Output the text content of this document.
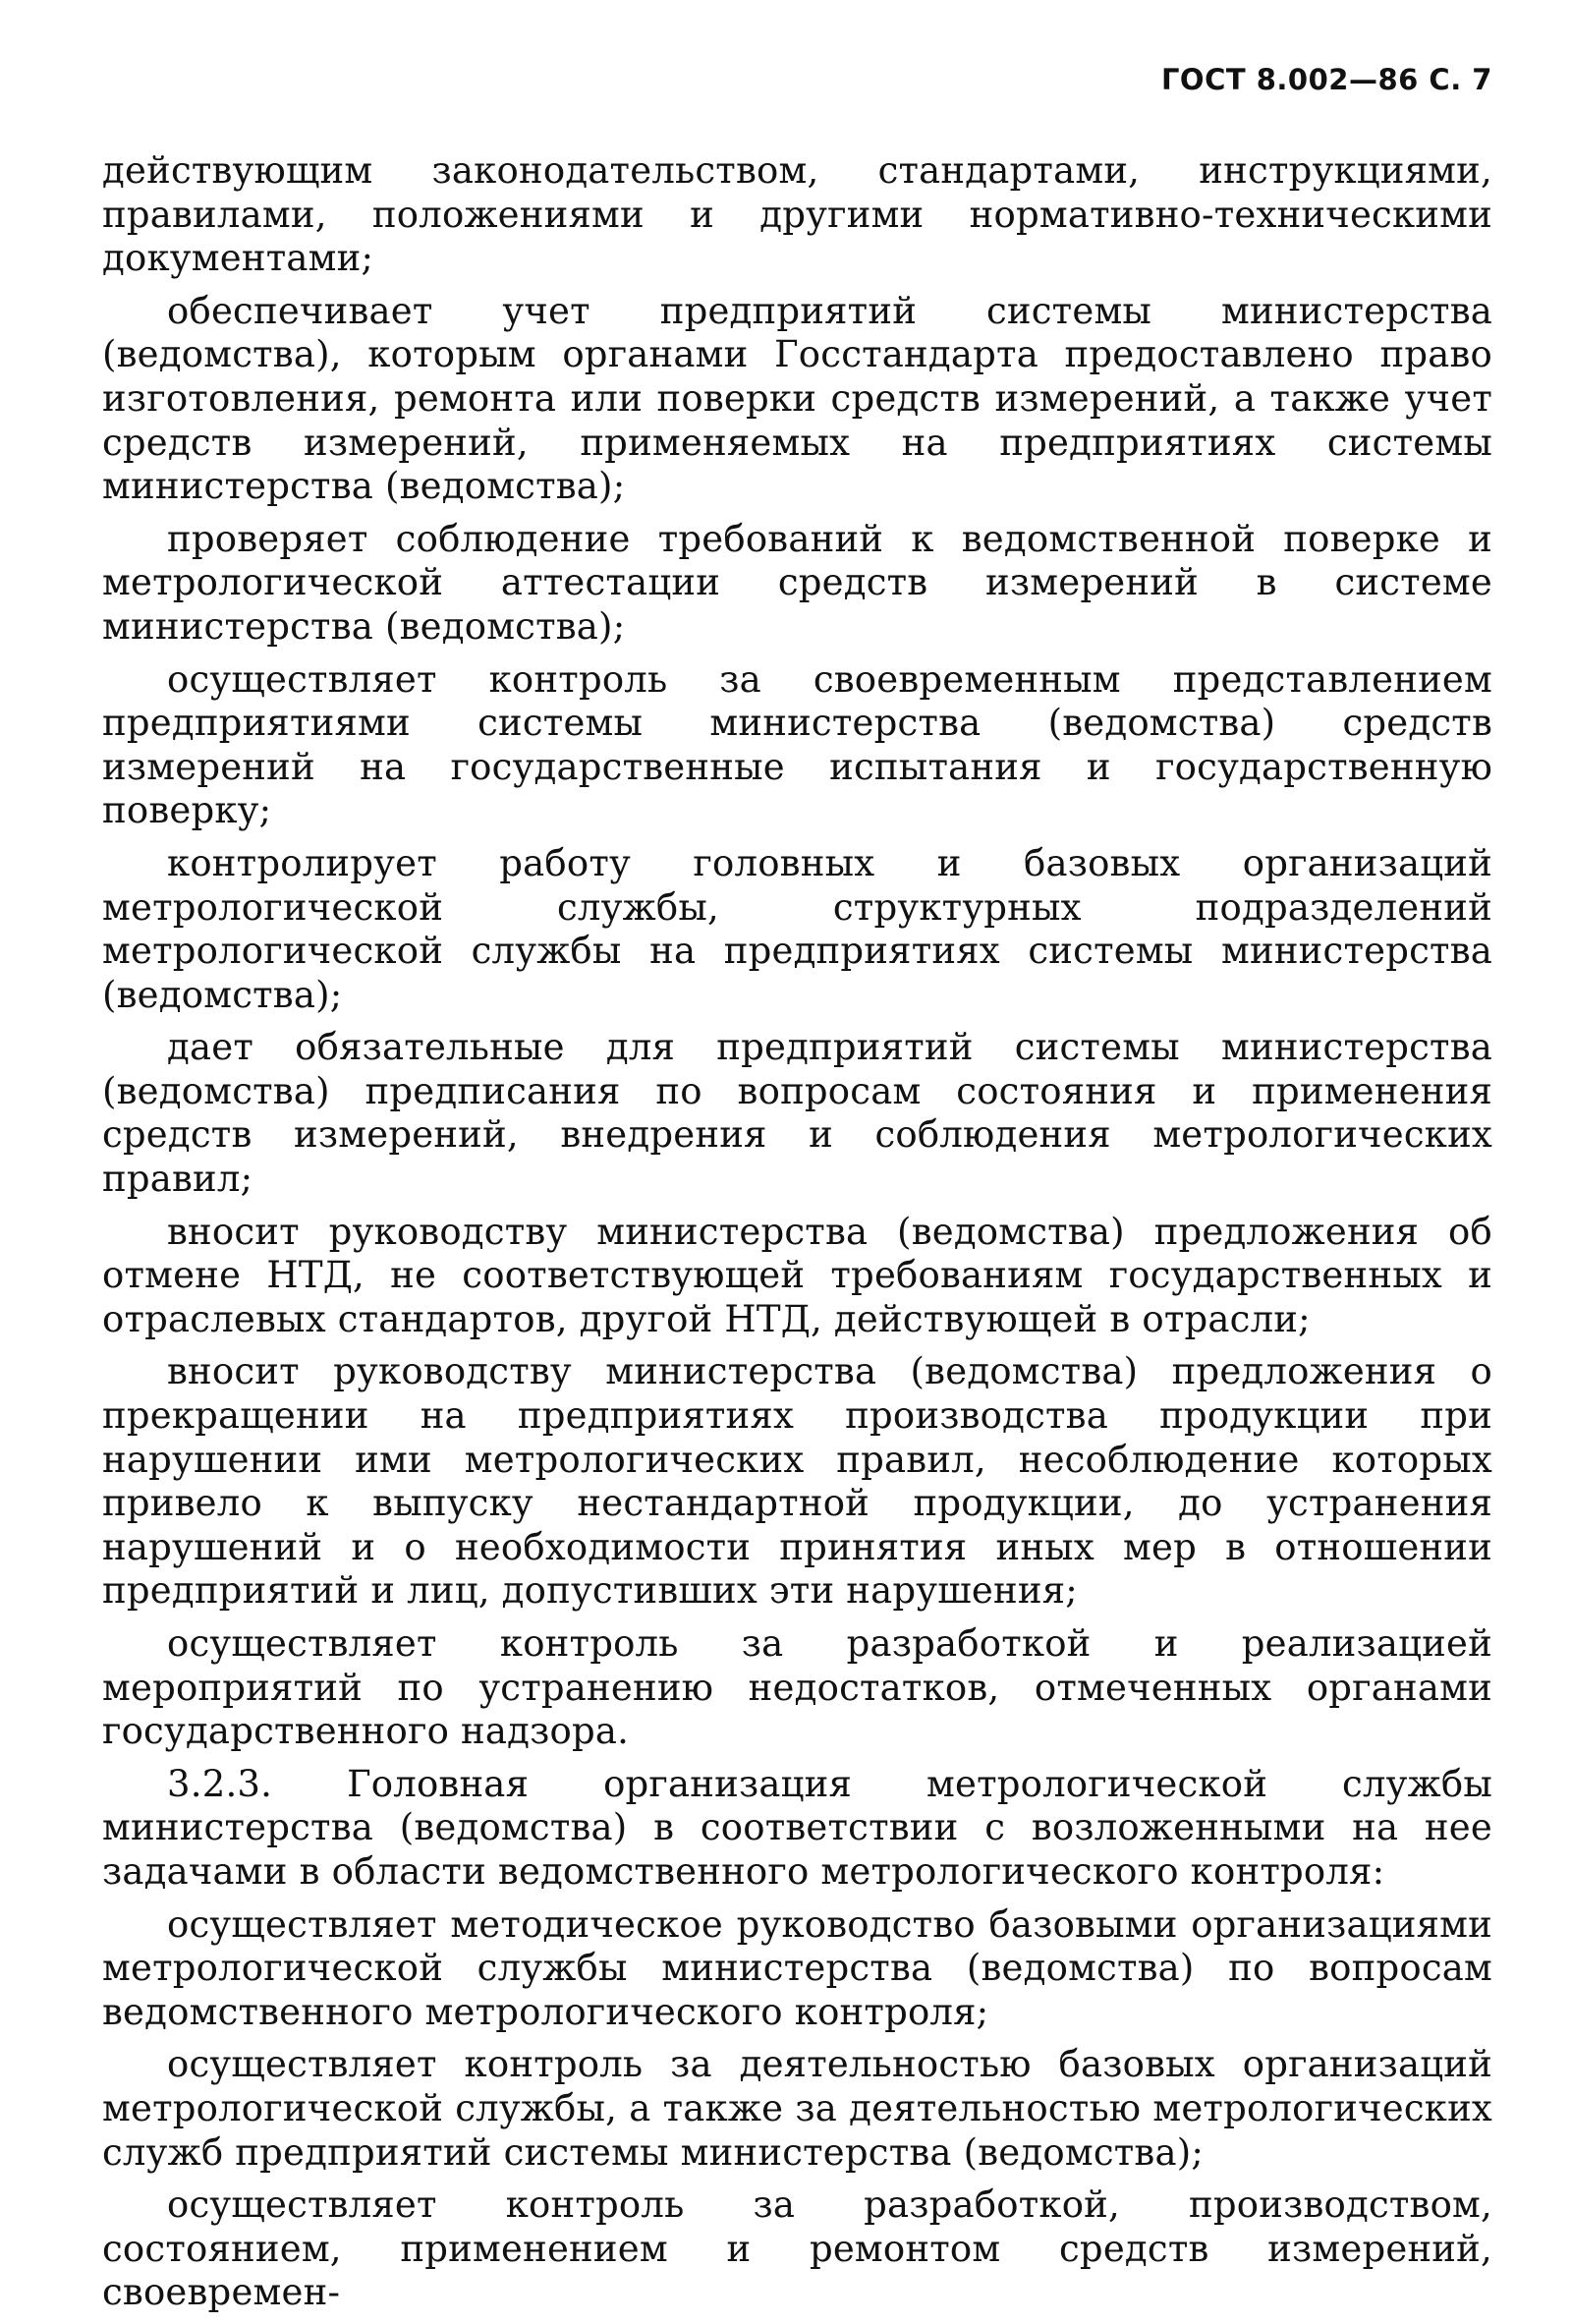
ГОСТ 8.002—86 С. 7

действующим законодательством, стандартами, инструкциями, правилами, положениями и другими нормативно-техническими документами;

обеспечивает учет предприятий системы министерства (ведомства), которым органами Госстандарта предоставлено право изготовления, ремонта или поверки средств измерений, а также учет средств измерений, применяемых на предприятиях системы министерства (ведомства);

проверяет соблюдение требований к ведомственной поверке и метрологической аттестации средств измерений в системе министерства (ведомства);

осуществляет контроль за своевременным представлением предприятиями системы министерства (ведомства) средств измерений на государственные испытания и государственную поверку;

контролирует работу головных и базовых организаций метрологической службы, структурных подразделений метрологической службы на предприятиях системы министерства (ведомства);

дает обязательные для предприятий системы министерства (ведомства) предписания по вопросам состояния и применения средств измерений, внедрения и соблюдения метрологических правил;

вносит руководству министерства (ведомства) предложения об отмене НТД, не соответствующей требованиям государственных и отраслевых стандартов, другой НТД, действующей в отрасли;

вносит руководству министерства (ведомства) предложения о прекращении на предприятиях производства продукции при нарушении ими метрологических правил, несоблюдение которых привело к выпуску нестандартной продукции, до устранения нарушений и о необходимости принятия иных мер в отношении предприятий и лиц, допустивших эти нарушения;

осуществляет контроль за разработкой и реализацией мероприятий по устранению недостатков, отмеченных органами государственного надзора.

3.2.3. Головная организация метрологической службы министерства (ведомства) в соответствии с возложенными на нее задачами в области ведомственного метрологического контроля:

осуществляет методическое руководство базовыми организациями метрологической службы министерства (ведомства) по вопросам ведомственного метрологического контроля;

осуществляет контроль за деятельностью базовых организаций метрологической службы, а также за деятельностью метрологических служб предприятий системы министерства (ведомства);

осуществляет контроль за разработкой, производством, состоянием, применением и ремонтом средств измерений, своевремен-
